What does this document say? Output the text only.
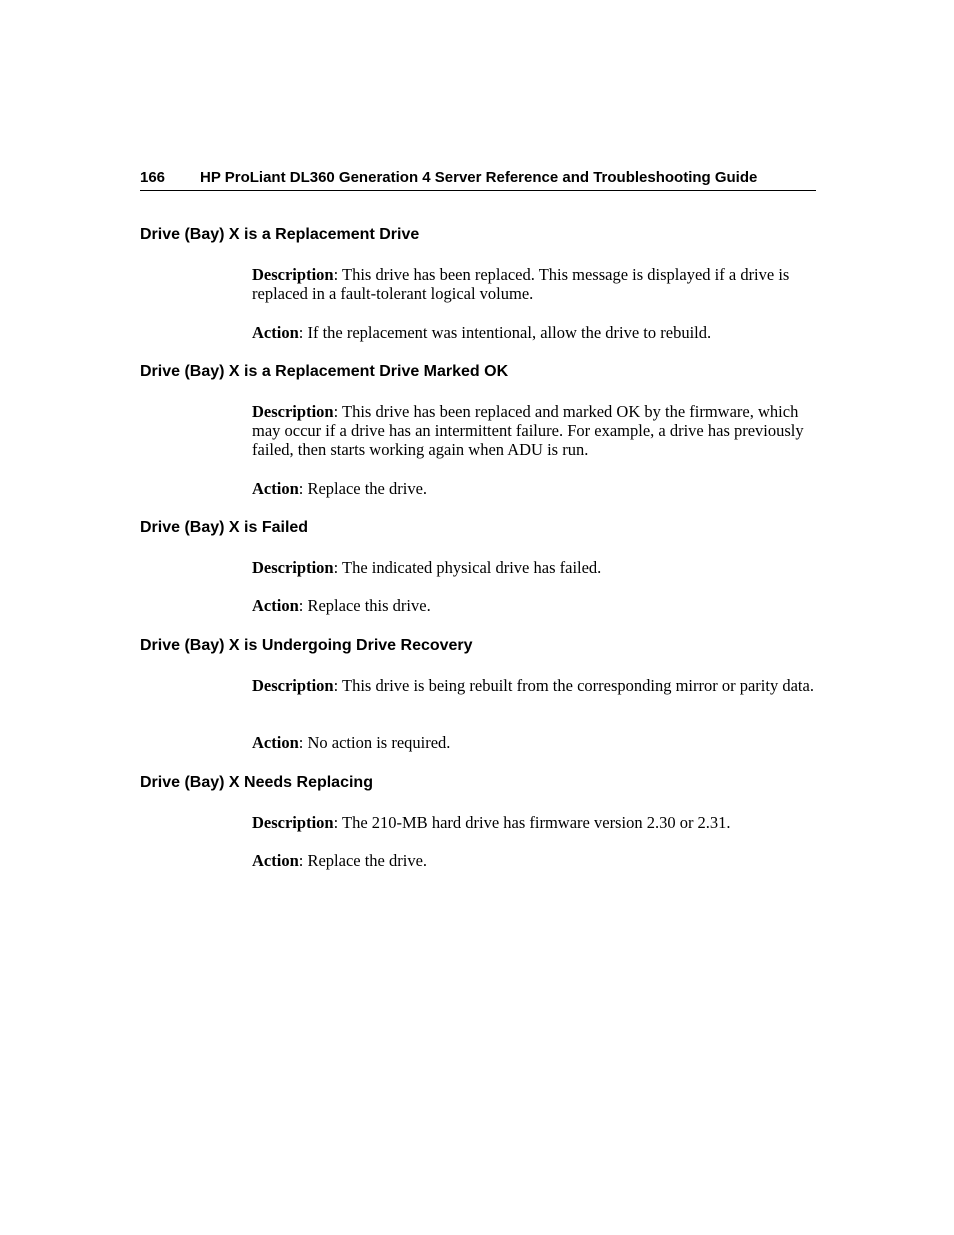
166 HP ProLiant DL360 Generation 4 Server Reference and Troubleshooting Guide
Drive (Bay) X is a Replacement Drive

Description: This drive has been replaced. This message is displayed if a drive is replaced in a fault-tolerant logical volume.

Action: If the replacement was intentional, allow the drive to rebuild.

Drive (Bay) X is a Replacement Drive Marked OK

Description: This drive has been replaced and marked OK by the firmware, which may occur if a drive has an intermittent failure. For example, a drive has previously failed, then starts working again when ADU is run.

Action: Replace the drive.

Drive (Bay) X is Failed

Description: The indicated physical drive has failed.

Action: Replace this drive.

Drive (Bay) X is Undergoing Drive Recovery

Description: This drive is being rebuilt from the corresponding mirror or parity data.

Action: No action is required.

Drive (Bay) X Needs Replacing

Description: The 210-MB hard drive has firmware version 2.30 or 2.31.

Action: Replace the drive.
